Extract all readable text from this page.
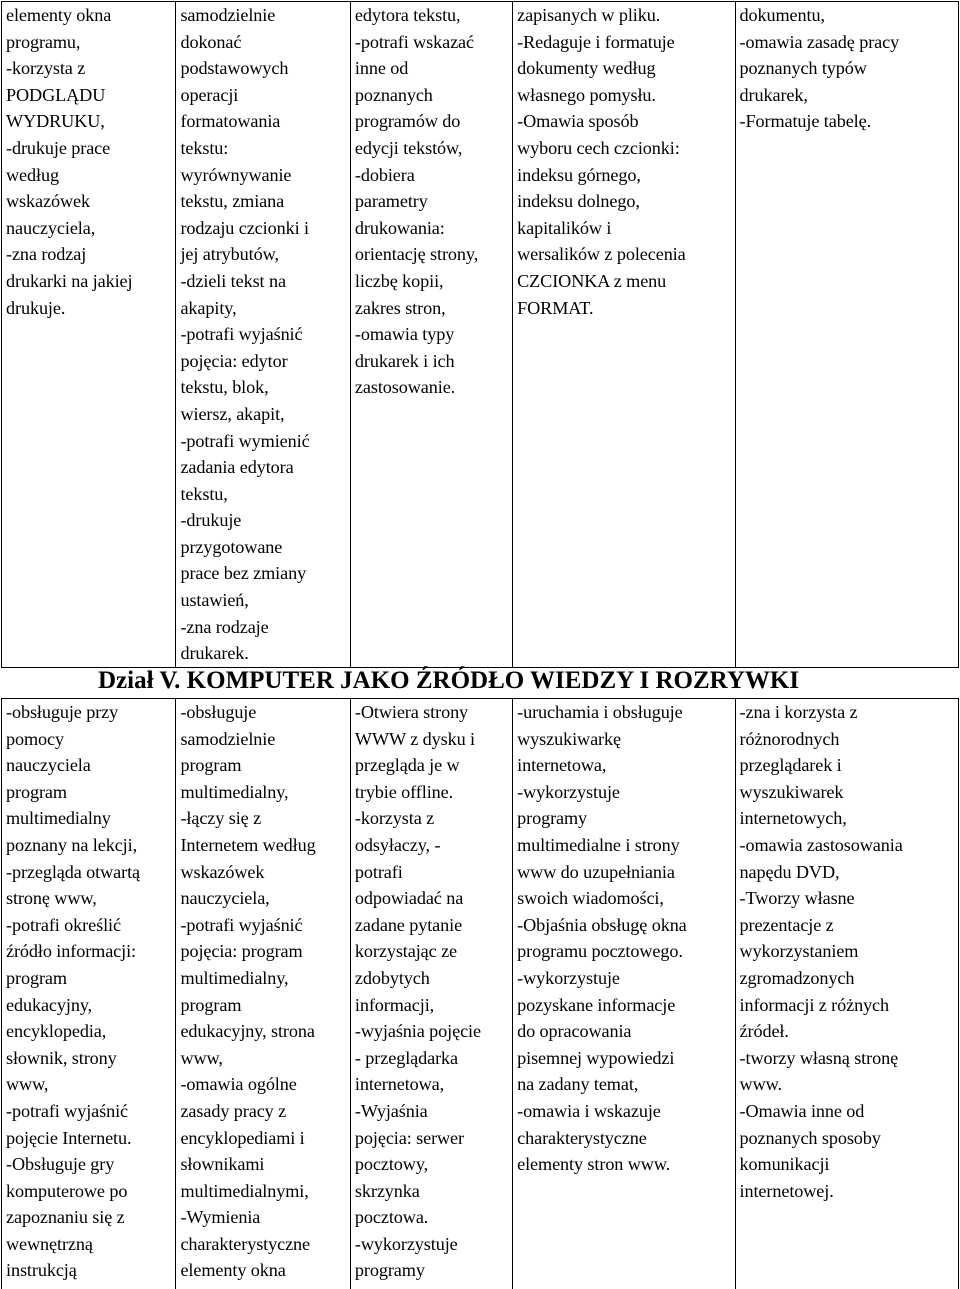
elementy okna
programu,
-korzysta z
PODGLĄDU
WYDRUKU,
-drukuje prace
według
wskazówek
nauczyciela,
-zna rodzaj
drukarki na jakiej
drukuje.	samodzielnie
dokonać
podstawowych
operacji
formatowania
tekstu:
wyrównywanie
tekstu, zmiana
rodzaju czcionki i
jej atrybutów,
-dzieli tekst na
akapity,
-potrafi wyjaśnić
pojęcia: edytor
tekstu, blok,
wiersz, akapit,
-potrafi wymienić
zadania edytora
tekstu,
-drukuje
przygotowane
prace bez zmiany
ustawień,
-zna rodzaje
drukarek.	edytora tekstu,
-potrafi wskazać
inne od
poznanych
programów do
edycji tekstów,
-dobiera
parametry
drukowania:
orientację strony,
liczbę kopii,
zakres stron,
-omawia typy
drukarek i ich
zastosowanie.	zapisanych w pliku.
-Redaguje i formatuje
dokumenty według
własnego pomysłu.
-Omawia sposób
wyboru cech czcionki:
indeksu górnego,
indeksu dolnego,
kapitalików i
wersalików z polecenia
CZCIONKA z menu
FORMAT.	dokumentu,
-omawia zasadę pracy
poznanych typów
drukarek,
-Formatuje tabelę.
Dział V. KOMPUTER JAKO ŹRÓDŁO WIEDZY I ROZRYWKI
-obsługuje przy
pomocy
nauczyciela
program
multimedialny
poznany na lekcji,
-przegląda otwartą
stronę www,
-potrafi określić
źródło informacji:
program
edukacyjny,
encyklopedia,
słownik, strony
www,
-potrafi wyjaśnić
pojęcie Internetu.
-Obsługuje gry
komputerowe po
zapoznaniu się z
wewnętrzną
instrukcją	-obsługuje
samodzielnie
program
multimedialny,
-łączy się z
Internetem według
wskazówek
nauczyciela,
-potrafi wyjaśnić
pojęcia: program
multimedialny,
program
edukacyjny, strona
www,
-omawia ogólne
zasady pracy z
encyklopediami i
słownikami
multimedialnymi,
-Wymienia
charakterystyczne
elementy okna	-Otwiera strony
WWW z dysku i
przegląda je w
trybie offline.
-korzysta z
odsyłaczy, -
potrafi
odpowiadać na
zadane pytanie
korzystając ze
zdobytych
informacji,
-wyjaśnia pojęcie
- przeglądarka
internetowa,
-Wyjaśnia
pojęcia: serwer
pocztowy,
skrzynka
pocztowa.
-wykorzystuje
programy	-uruchamia i obsługuje
wyszukiwarkę
internetowa,
-wykorzystuje
programy
multimedialne i strony
www do uzupełniania
swoich wiadomości,
-Objaśnia obsługę okna
programu pocztowego.
-wykorzystuje
pozyskane informacje
do opracowania
pisemnej wypowiedzi
na zadany temat,
-omawia i wskazuje
charakterystyczne
elementy stron www.	-zna i korzysta z
różnorodnych
przeglądarek i
wyszukiwarek
internetowych,
-omawia zastosowania
napędu DVD,
-Tworzy własne
prezentacje z
wykorzystaniem
zgromadzonych
informacji z różnych
źródeł.
-tworzy własną stronę
www.
-Omawia inne od
poznanych sposoby
komunikacji
internetowej.
